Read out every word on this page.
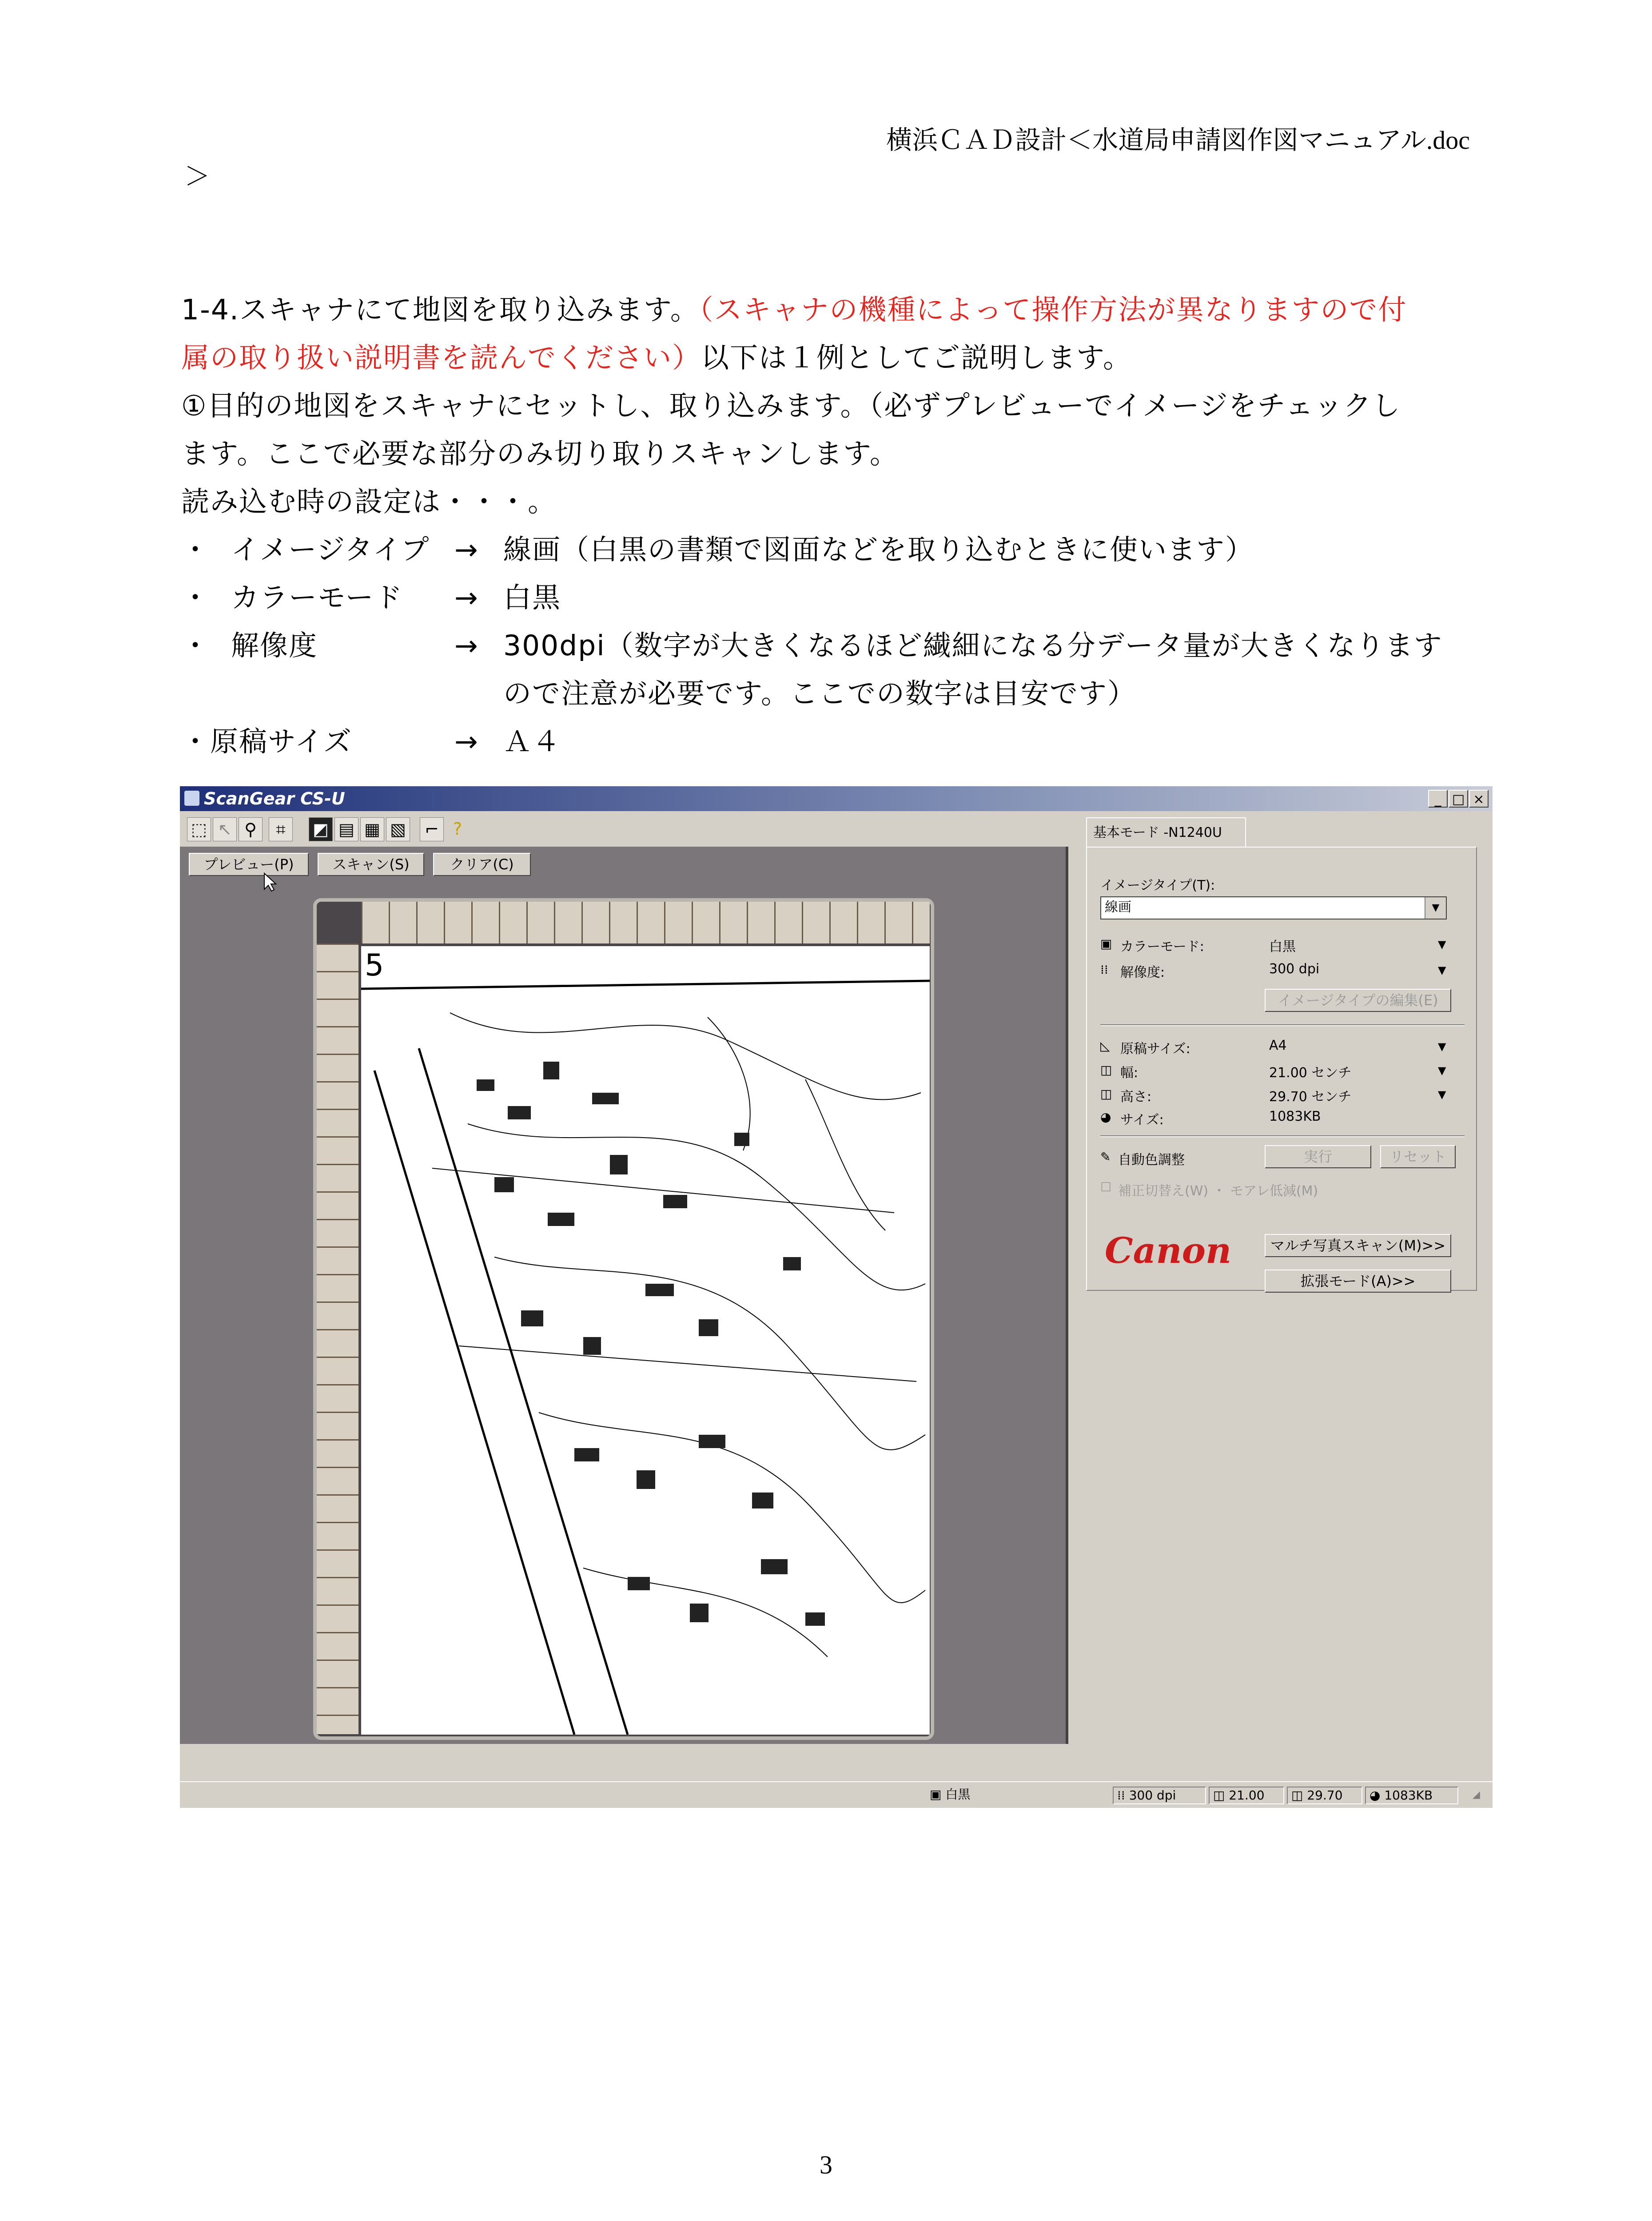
横浜ＣＡＤ設計＜水道局申請図作図マニュアル.doc
＞
1-4.スキャナにて地図を取り込みます。（スキャナの機種によって操作方法が異なりますので付
属の取り扱い説明書を読んでください）以下は１例としてご説明します。
①目的の地図をスキャナにセットし、取り込みます。（必ずプレビューでイメージをチェックし
ます。ここで必要な部分のみ切り取りスキャンします。
読み込む時の設定は・・・。
・ イメージタイプ → 線画（白黒の書類で図面などを取り込むときに使います）
・ カラーモード → 白黒
・ 解像度	→ 300dpi（数字が大きくなるほど繊細になる分データ量が大きくなります
ので注意が必要です。ここでの数字は目安です）
・原稿サイズ	→ Ａ４
ScanGear CS-U	_ □ ×
⬚ ↖ ⚲	⌗	◩ ▤ ▦ ▧ ⌐ ?
プレビュー(P)	スキャン(S)	クリア(C)
5
基本モード -N1240U
イメージタイプ(T):
線画	▼
▣ カラーモード:	白黒	▼
⁞⁞ 解像度:	300 dpi	▼
イメージタイプの編集(E)
◺ 原稿サイズ:	A4	▼
◫ 幅:	21.00 センチ	▼
◫ 高さ:	29.70 センチ	▼
◕ サイズ:	1083KB
✎ 自動色調整	実行	リセット
☐ 補正切替え(W) ・ モアレ低減(M)
マルチ写真スキャン(M)>>
Canon
拡張モード(A)>>
▣ 白黒	⁞⁞ 300 dpi	◫ 21.00	◫ 29.70	◕ 1083KB	◢
3
